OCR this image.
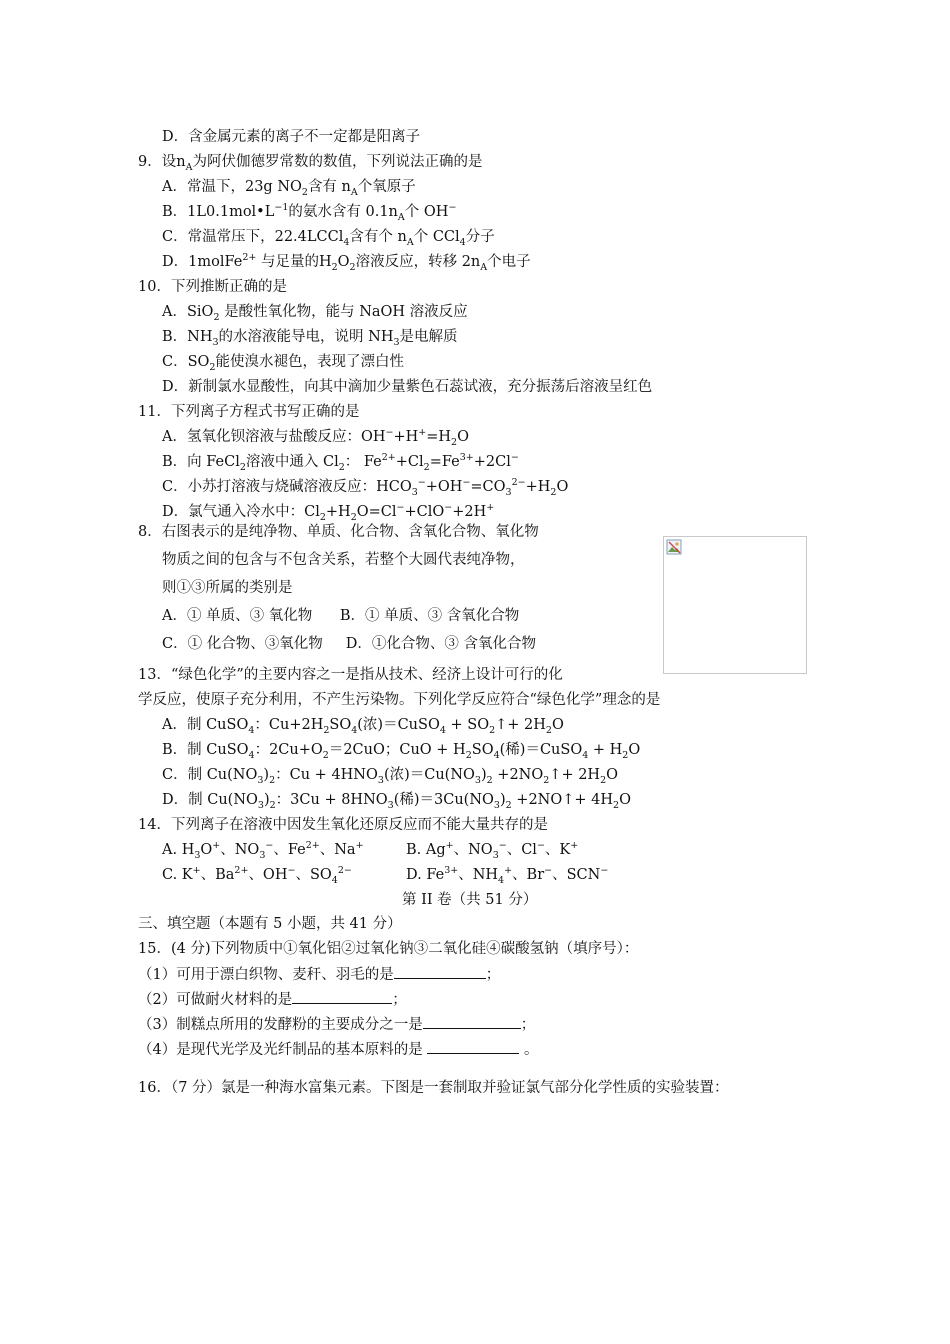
D．含金属元素的离子不一定都是阳离子
9．设$n_A$为阿伏伽德罗常数的数值，下列说法正确的是
A．常温下，23g $NO_2$含有 $n_A$个氧原子
B．$1L0.1mol•L^{-1}$的氨水含有 $0.1n_A$个 OH−
C．常温常压下，22.4LCCl$_4$含有个 $n_A$个 CCl$_4$分子
D．1molFe$^{2+}$ 与足量的$H_2O_2$溶液反应，转移 $2n_A$个电子
10．下列推断正确的是
A．SiO$_2$ 是酸性氧化物，能与 NaOH 溶液反应
B．$NH_3$的水溶液能导电，说明 $NH_3$是电解质
C．$SO_2$能使溴水褪色，表现了漂白性
D．新制氯水显酸性，向其中滴加少量紫色石蕊试液，充分振荡后溶液呈红色
11．下列离子方程式书写正确的是
A．氢氧化钡溶液与盐酸反应：$OH^-+H^+=H_2O$
B．向 FeCl$_2$溶液中通入 $Cl_2$： $Fe^{2+}+Cl_2=Fe^{3+}+2Cl^-$
C．小苏打溶液与烧碱溶液反应：$HCO_3^-+OH^-=CO_3^{2-}+H_2O$
D．氯气通入冷水中：$Cl_2+H_2O=Cl^-+ClO^-+2H^+$
8．右图表示的是纯净物、单质、化合物、含氧化合物、氧化物
物质之间的包含与不包含关系，若整个大圆代表纯净物，
则①③所属的类别是
A．① 单质、③ 氧化物      B．① 单质、③ 含氧化合物
C．① 化合物、③氧化物     D．①化合物、③ 含氧化合物
13．“绿色化学”的主要内容之一是指从技术、经济上设计可行的化
学反应，使原子充分利用，不产生污染物。下列化学反应符合“绿色化学”理念的是
A．制 CuSO$_4$：$Cu+2H_2SO_4$(浓)＝CuSO$_4$ + $SO_2↑+ 2H_2O$
B．制 CuSO$_4$：$2Cu+O_2=2CuO$；CuO + $H_2SO_4$(稀)＝CuSO$_4$ + $H_2O$
C．制 $Cu(NO_3)_2$：$Cu + 4HNO_3$(浓)$=Cu(NO_3)_2$ $+2NO_2↑+ 2H_2O$
D．制 $Cu(NO_3)_2$：$3Cu + 8HNO_3$(稀)$=3Cu(NO_3)_2$ +2NO↑+ $4H_2O$
14．下列离子在溶液中因发生氧化还原反应而不能大量共存的是
A. $H_3O^+$、$NO_3^-$、$Fe^{2+}$、Na+	B. Ag+、$NO_3^-$、Cl−、K+
C. K+、$Ba^{2+}$、OH−、$SO_4^{2-}$	D. $Fe^{3+}$、$NH_4^+$、Br−、SCN−
第 II 卷（共 51 分）
三、填空题（本题有 5 小题，共 41 分）
15．(4 分)下列物质中①氧化铝②过氧化钠③二氧化硅④碳酸氢钠（填序号）：
（1）可用于漂白织物、麦秆、羽毛的是	；
（2）可做耐火材料的是	；
（3）制糕点所用的发酵粉的主要成分之一是	；
（4）是现代光学及光纤制品的基本原料的是	。
16．（7 分）氯是一种海水富集元素。下图是一套制取并验证氯气部分化学性质的实验装置：
